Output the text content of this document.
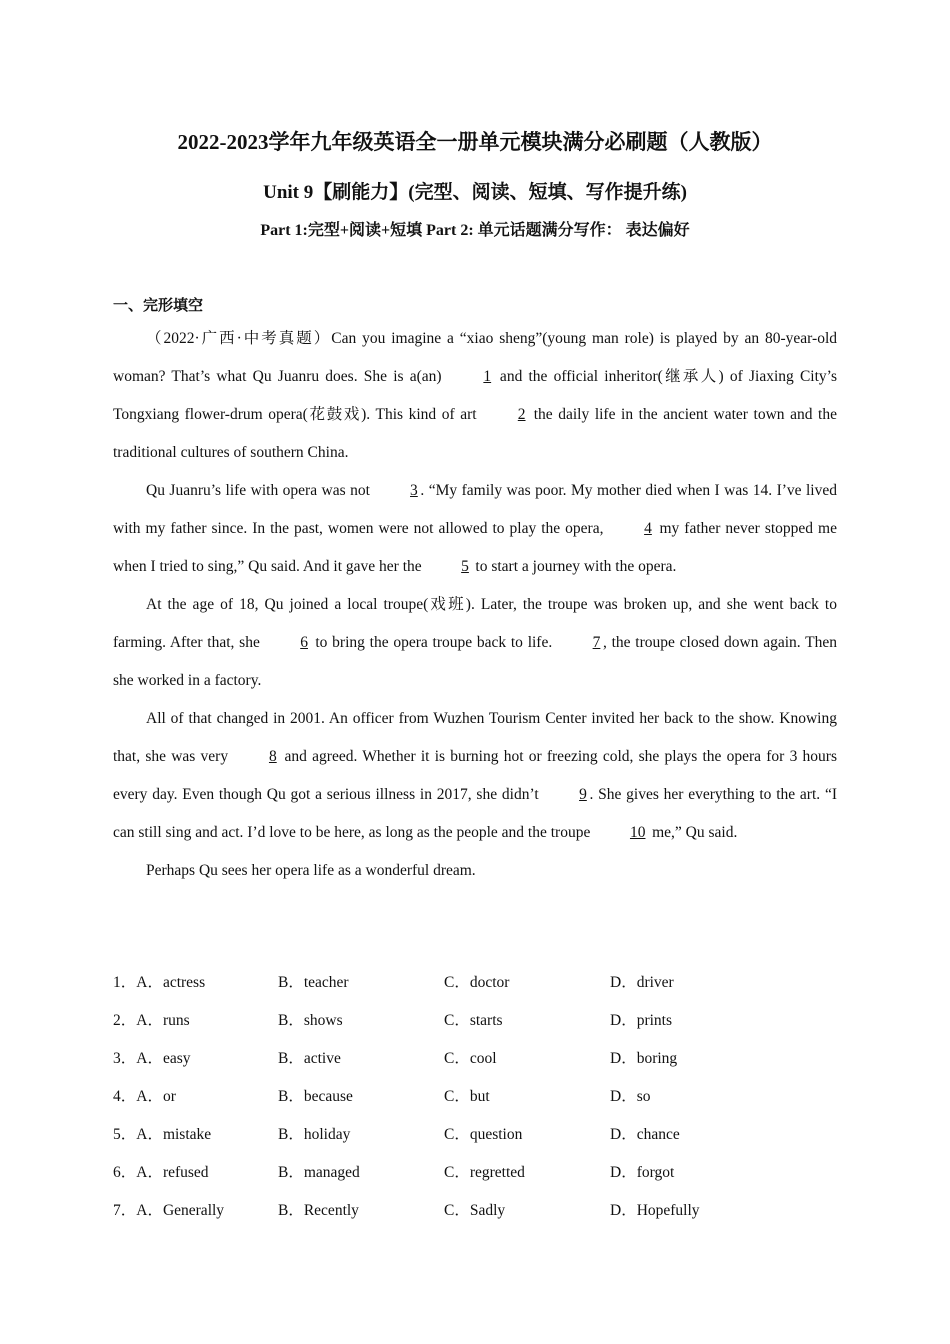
2022-2023学年九年级英语全一册单元模块满分必刷题（人教版）
Unit 9【刷能力】(完型、阅读、短填、写作提升练)
Part 1:完型+阅读+短填 Part 2: 单元话题满分写作： 表达偏好
一、完形填空

（2022·广西·中考真题）Can you imagine a “xiao sheng”(young man role) is played by an 80-year-old woman? That’s what Qu Juanru does. She is a(an) 1 and the official inheritor(继承人) of Jiaxing City’s Tongxiang flower-drum opera(花鼓戏). This kind of art 2 the daily life in the ancient water town and the traditional cultures of southern China.

Qu Juanru’s life with opera was not 3 . “My family was poor. My mother died when I was 14. I’ve lived with my father since. In the past, women were not allowed to play the opera, 4 my father never stopped me when I tried to sing,” Qu said. And it gave her the 5 to start a journey with the opera.

At the age of 18, Qu joined a local troupe(戏班). Later, the troupe was broken up, and she went back to farming. After that, she 6 to bring the opera troupe back to life. 7 , the troupe closed down again. Then she worked in a factory.

All of that changed in 2001. An officer from Wuzhen Tourism Center invited her back to the show. Knowing that, she was very 8 and agreed. Whether it is burning hot or freezing cold, she plays the opera for 3 hours every day. Even though Qu got a serious illness in 2017, she didn’t 9 . She gives her everything to the art. “I can still sing and act. I’d love to be here, as long as the people and the troupe 10 me,” Qu said.

Perhaps Qu sees her opera life as a wonderful dream.

1．A．actress	B．teacher	C．doctor	D．driver
2．A．runs	B．shows	C．starts	D．prints
3．A．easy	B．active	C．cool	D．boring
4．A．or	B．because	C．but	D．so
5．A．mistake	B．holiday	C．question	D．chance
6．A．refused	B．managed	C．regretted	D．forgot
7．A．Generally	B．Recently	C．Sadly	D．Hopefully
